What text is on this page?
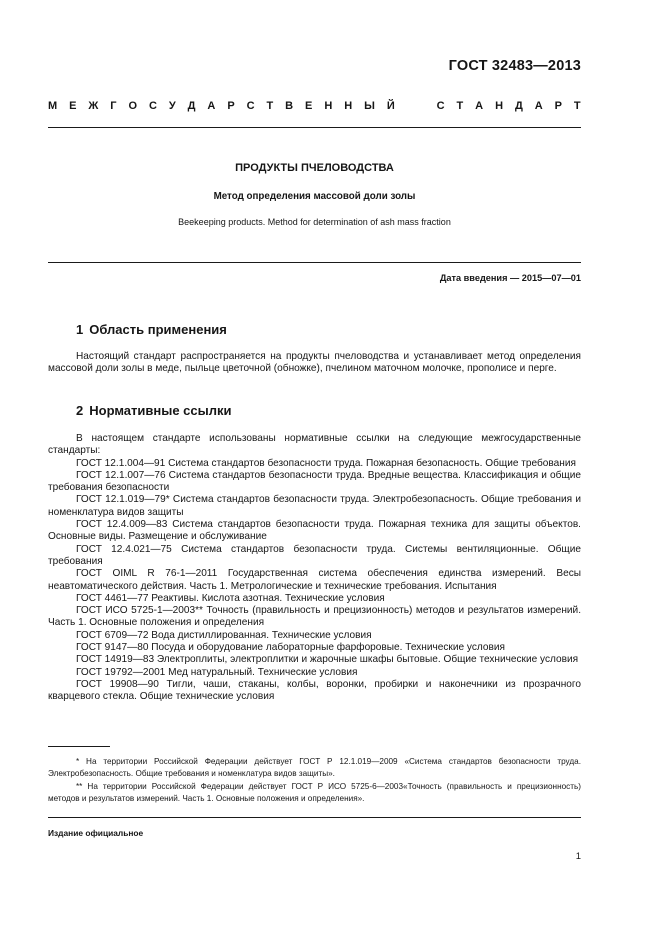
ГОСТ 32483—2013
М Е Ж Г О С У Д А Р С Т В Е Н Н Ы Й	С Т А Н Д А Р Т
ПРОДУКТЫ ПЧЕЛОВОДСТВА
Метод определения массовой доли золы
Beekeeping products. Method for determination of ash mass fraction
Дата введения — 2015—07—01
1 Область применения

Настоящий стандарт распространяется на продукты пчеловодства и устанавливает метод определения массовой доли золы в меде, пыльце цветочной (обножке), пчелином маточном молочке, прополисе и перге.

2 Нормативные ссылки

В настоящем стандарте использованы нормативные ссылки на следующие межгосударственные стандарты:

ГОСТ 12.1.004—91 Система стандартов безопасности труда. Пожарная безопасность. Общие требования

ГОСТ 12.1.007—76 Система стандартов безопасности труда. Вредные вещества. Классификация и общие требования безопасности

ГОСТ 12.1.019—79* Система стандартов безопасности труда. Электробезопасность. Общие требования и номенклатура видов защиты

ГОСТ 12.4.009—83 Система стандартов безопасности труда. Пожарная техника для защиты объектов. Основные виды. Размещение и обслуживание

ГОСТ 12.4.021—75 Система стандартов безопасности труда. Системы вентиляционные. Общие требования

ГОСТ OIML R 76-1—2011 Государственная система обеспечения единства измерений. Весы неавтоматического действия. Часть 1. Метрологические и технические требования. Испытания

ГОСТ 4461—77 Реактивы. Кислота азотная. Технические условия

ГОСТ ИСО 5725-1—2003** Точность (правильность и прецизионность) методов и результатов измерений. Часть 1. Основные положения и определения

ГОСТ 6709—72 Вода дистиллированная. Технические условия

ГОСТ 9147—80 Посуда и оборудование лабораторные фарфоровые. Технические условия

ГОСТ 14919—83 Электроплиты, электроплитки и жарочные шкафы бытовые. Общие технические условия

ГОСТ 19792—2001 Мед натуральный. Технические условия

ГОСТ 19908—90 Тигли, чаши, стаканы, колбы, воронки, пробирки и наконечники из прозрачного кварцевого стекла. Общие технические условия

* На территории Российской Федерации действует ГОСТ Р 12.1.019—2009 «Система стандартов безопасности труда. Электробезопасность. Общие требования и номенклатура видов защиты».

** На территории Российской Федерации действует ГОСТ Р ИСО 5725-6—2003«Точность (правильность и прецизионность) методов и результатов измерений. Часть 1. Основные положения и определения».

Издание официальное
1
